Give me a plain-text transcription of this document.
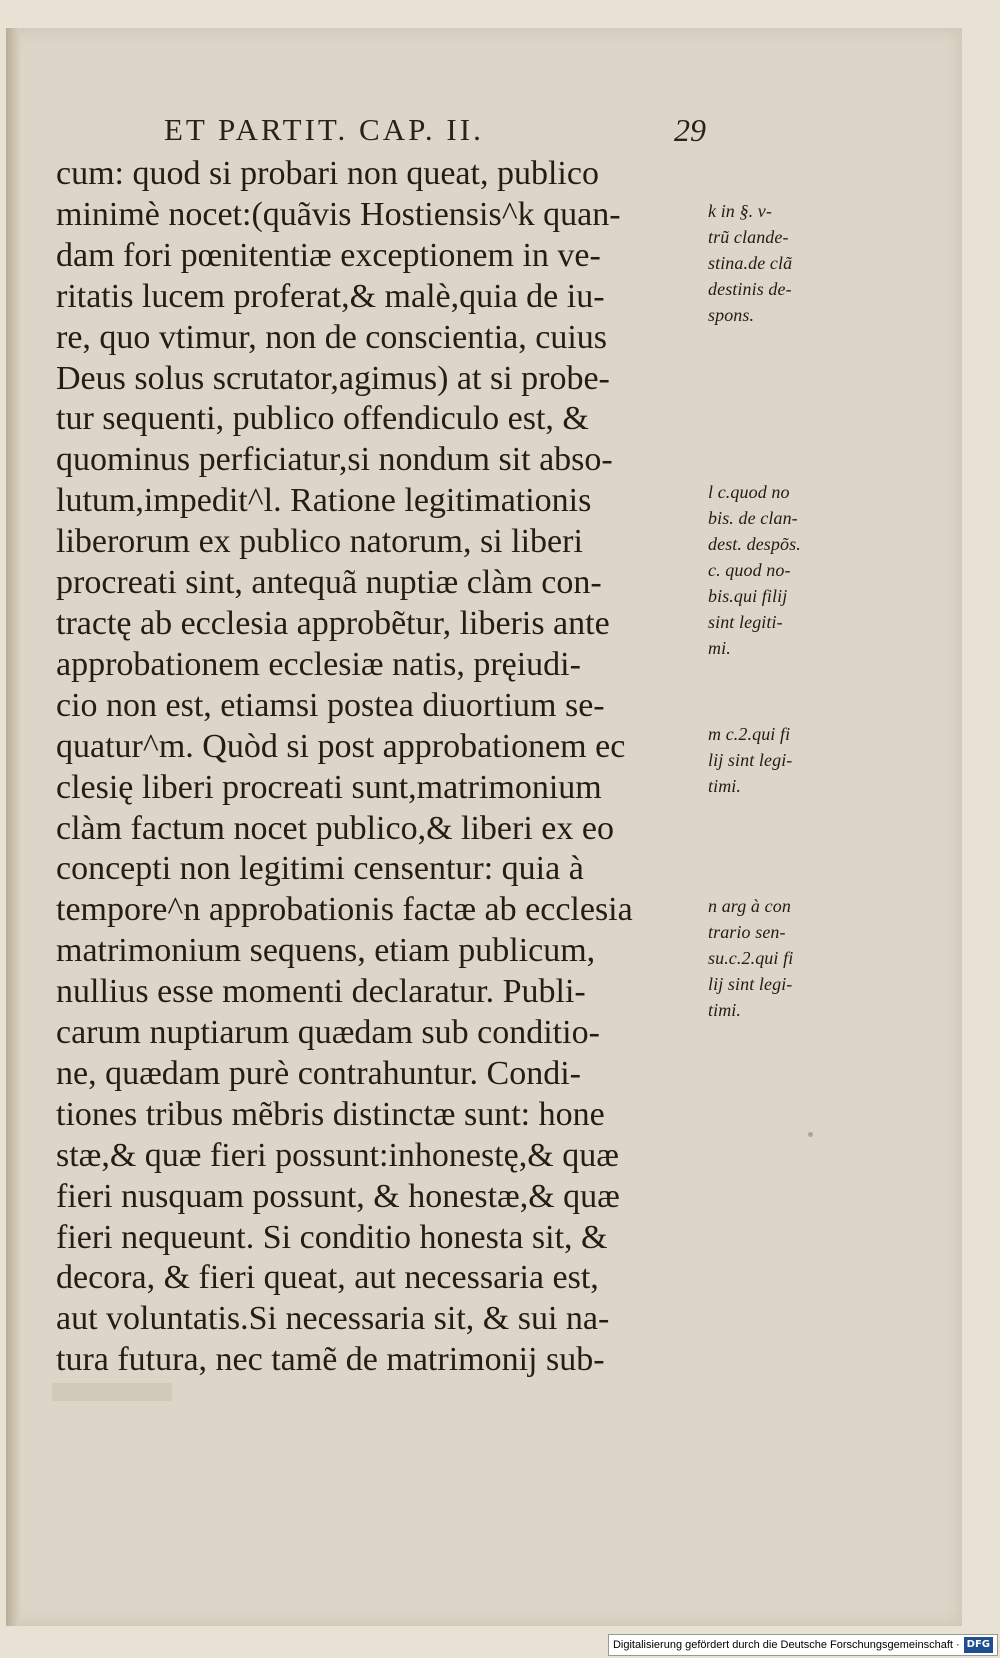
ET PARTIT. CAP. II.	29
cum: quod si probari non queat, publico
minimè nocet:(quãvis Hostiensis^k quan-
dam fori pœnitentiæ exceptionem in ve-
ritatis lucem proferat,& malè,quia de iu-
re, quo vtimur, non de conscientia, cuius
Deus solus scrutator,agimus) at si probe-
tur sequenti, publico offendiculo est, &
quominus perficiatur,si nondum sit abso-
lutum,impedit^l. Ratione legitimationis
liberorum ex publico natorum, si liberi
procreati sint, antequã nuptiæ clàm con-
tractę ab ecclesia approbẽtur, liberis ante
approbationem ecclesiæ natis, pręiudi-
cio non est, etiamsi postea diuortium se-
quatur^m. Quòd si post approbationem ec
clesię liberi procreati sunt,matrimonium
clàm factum nocet publico,& liberi ex eo
concepti non legitimi censentur: quia à
tempore^n approbationis factæ ab ecclesia
matrimonium sequens, etiam publicum,
nullius esse momenti declaratur. Publi-
carum nuptiarum quædam sub conditio-
ne, quædam purè contrahuntur. Condi-
tiones tribus mẽbris distinctæ sunt: hone
stæ,& quæ fieri possunt:inhonestę,& quæ
fieri nusquam possunt, & honestæ,& quæ
fieri nequeunt. Si conditio honesta sit, &
decora, & fieri queat, aut necessaria est,
aut voluntatis.Si necessaria sit, & sui na-
tura futura, nec tamẽ de matrimonij sub-
k in §. v-
trũ clande-
stina.de clã
destinis de-
spons.
l c.quod no
bis. de clan-
dest. despõs.
c. quod no-
bis.qui filij
sint legiti-
mi.
m c.2.qui fi
lij sint legi-
timi.
n arg à con
trario sen-
su.c.2.qui fi
lij sint legi-
timi.
Digitalisierung gefördert durch die Deutsche Forschungsgemeinschaft · DFG
